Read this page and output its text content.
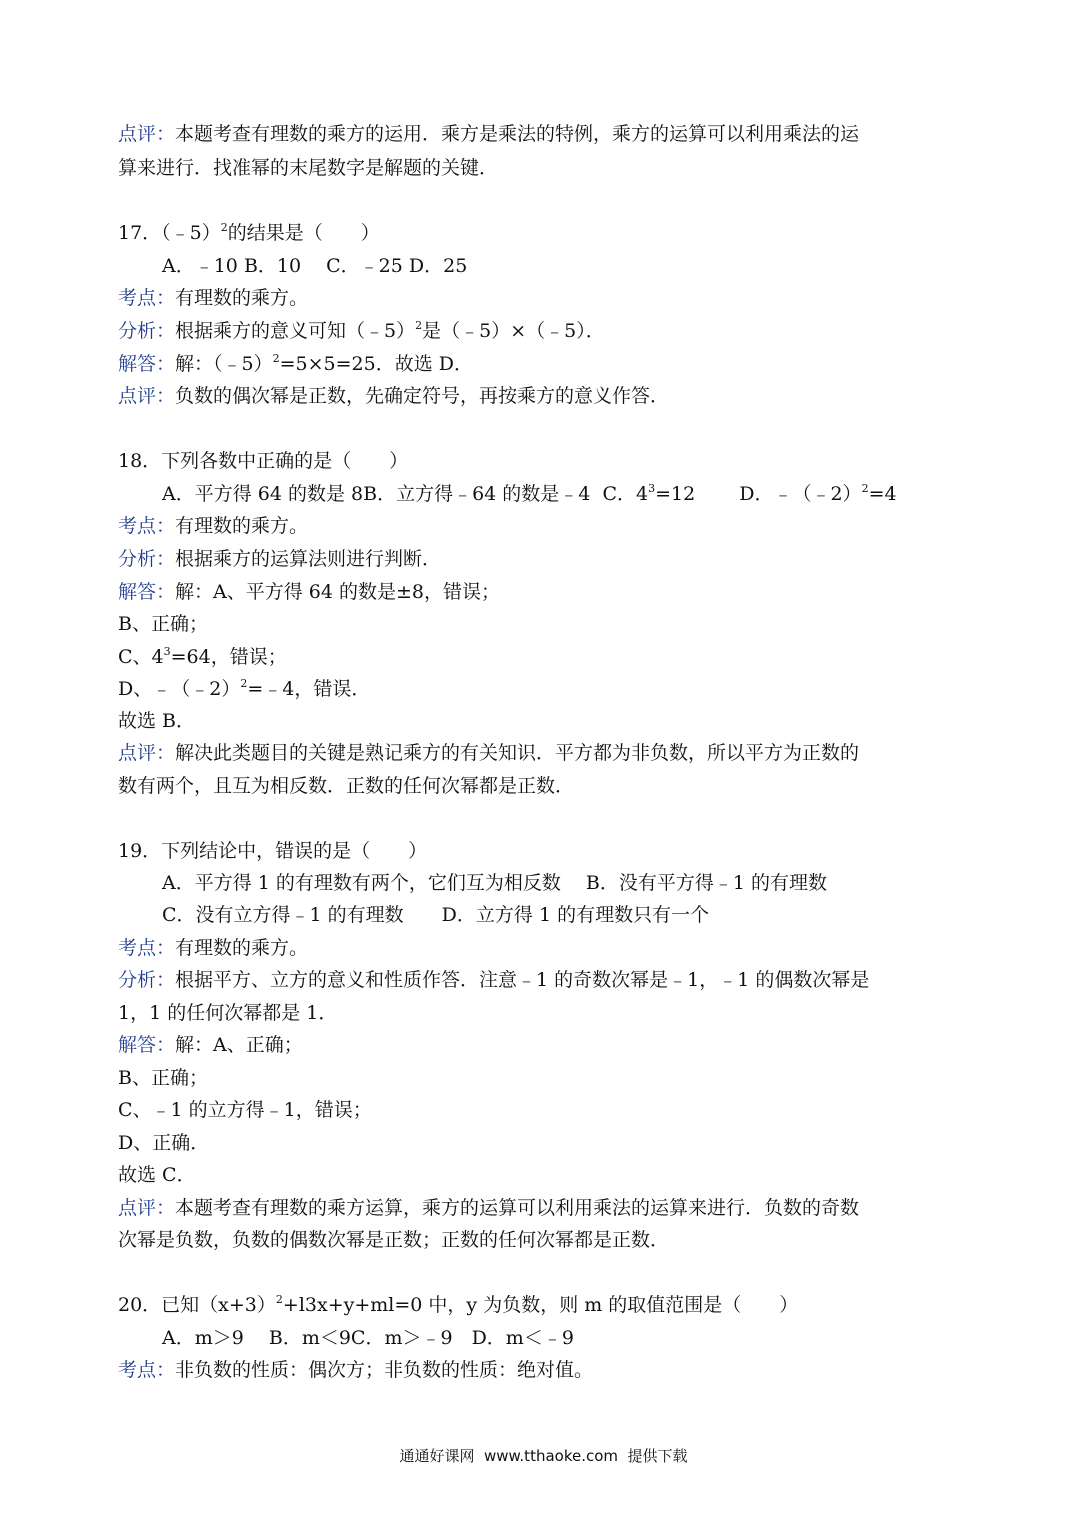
点评：本题考查有理数的乘方的运用．乘方是乘法的特例，乘方的运算可以利用乘法的运
算来进行．找准幂的末尾数字是解题的关键．
17．（﹣5）$^2$的结果是（　　）
A．﹣10 B．10　 C．﹣25 D．25
考点：有理数的乘方。
分析：根据乘方的意义可知（﹣5）$^2$是（﹣5）×（﹣5）．
解答：解：（﹣5）$^2$=5×5=25．故选 D．
点评：负数的偶次幂是正数，先确定符号，再按乘方的意义作答．
18．下列各数中正确的是（　　）
A．平方得 64 的数是 8B．立方得﹣64 的数是﹣4  C．$4^3=12$　　 D．﹣（﹣2）$^2$=4
考点：有理数的乘方。
分析：根据乘方的运算法则进行判断．
解答：解：A、平方得 64 的数是±8，错误；
B、正确；
C、$4^3=64$，错误；
D、﹣（﹣2）$^2$=﹣4，错误．
故选 B．
点评：解决此类题目的关键是熟记乘方的有关知识．平方都为非负数，所以平方为正数的
数有两个，且互为相反数．正数的任何次幂都是正数．
19．下列结论中，错误的是（　　）
A．平方得 1 的有理数有两个，它们互为相反数　 B．没有平方得﹣1 的有理数
C．没有立方得﹣1 的有理数　　D．立方得 1 的有理数只有一个
考点：有理数的乘方。
分析：根据平方、立方的意义和性质作答．注意﹣1 的奇数次幂是﹣1，﹣1 的偶数次幂是
1，1 的任何次幂都是 1．
解答：解：A、正确；
B、正确；
C、﹣1 的立方得﹣1，错误；
D、正确．
故选 C．
点评：本题考查有理数的乘方运算，乘方的运算可以利用乘法的运算来进行．负数的奇数
次幂是负数，负数的偶数次幂是正数；正数的任何次幂都是正数．
20．已知$(x+3)^2+l3x+y+ml=0$ 中，y 为负数，则 m 的取值范围是（　　）
A．m＞9　 B．m＜9C．m＞﹣9　D．m＜﹣9
考点：非负数的性质：偶次方；非负数的性质：绝对值。
通通好课网  www.tthaoke.com  提供下载
